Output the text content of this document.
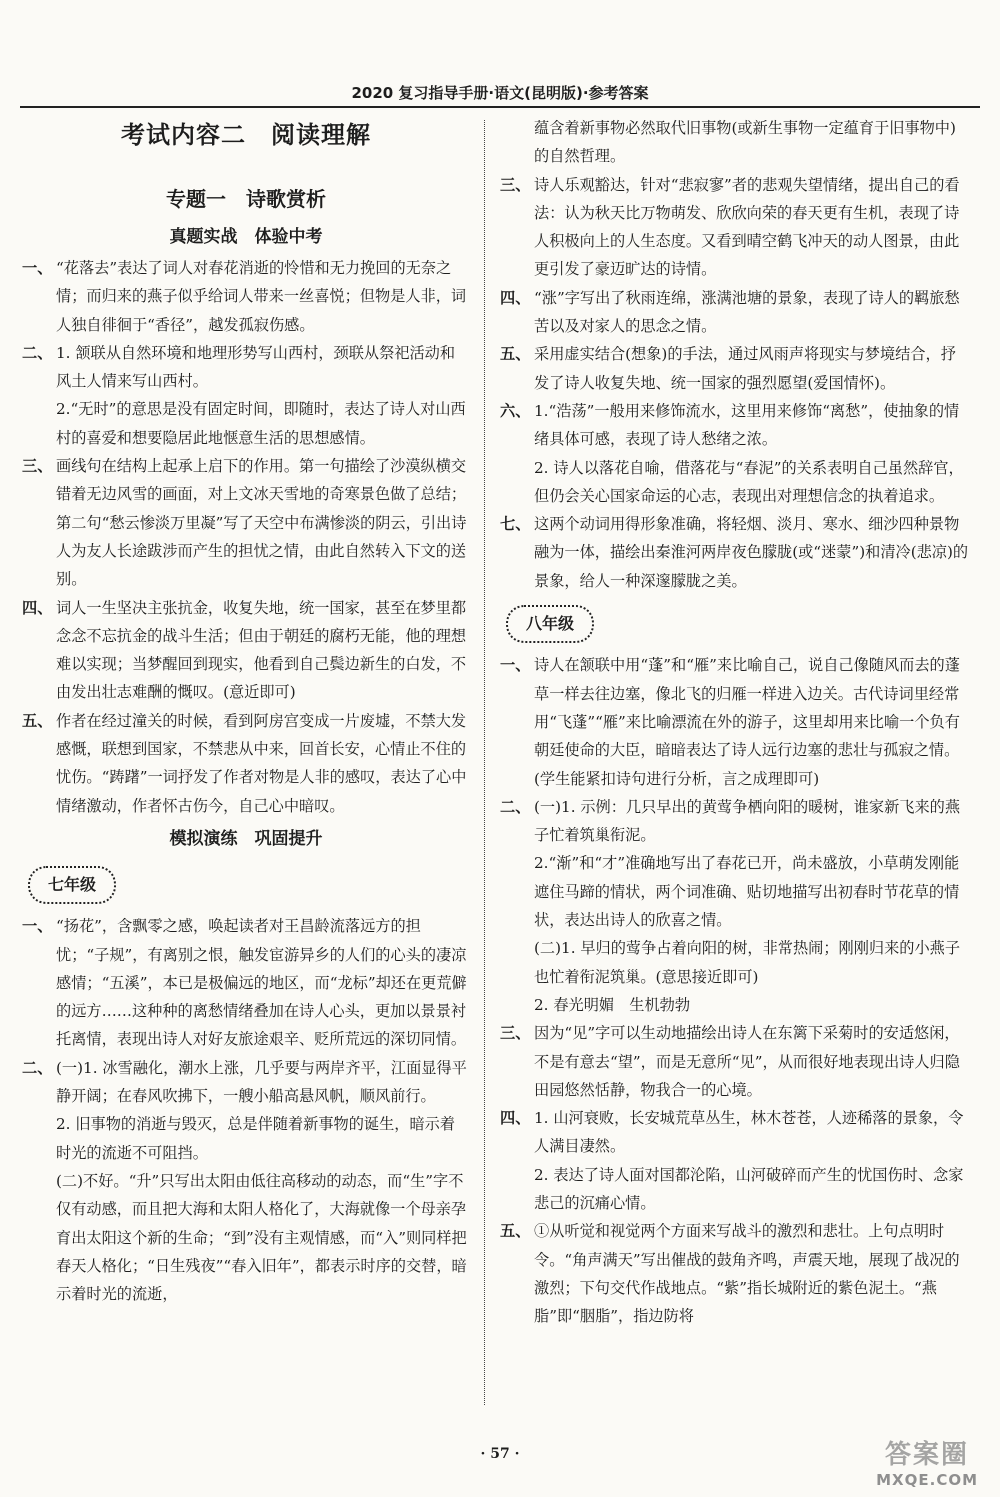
2020 复习指导手册·语文(昆明版)·参考答案
考试内容二　阅读理解
专题一　诗歌赏析
真题实战　体验中考
一、 “花落去”表达了词人对春花消逝的怜惜和无力挽回的无奈之情；而归来的燕子似乎给词人带来一丝喜悦；但物是人非，词人独自徘徊于“香径”，越发孤寂伤感。
二、 1. 颔联从自然环境和地理形势写山西村，颈联从祭祀活动和风土人情来写山西村。
2.“无时”的意思是没有固定时间，即随时，表达了诗人对山西村的喜爱和想要隐居此地惬意生活的思想感情。
三、 画线句在结构上起承上启下的作用。第一句描绘了沙漠纵横交错着无边风雪的画面，对上文冰天雪地的奇寒景色做了总结；第二句“愁云惨淡万里凝”写了天空中布满惨淡的阴云，引出诗人为友人长途跋涉而产生的担忧之情，由此自然转入下文的送别。
四、 词人一生坚决主张抗金，收复失地，统一国家，甚至在梦里都念念不忘抗金的战斗生活；但由于朝廷的腐朽无能，他的理想难以实现；当梦醒回到现实，他看到自己鬓边新生的白发，不由发出壮志难酬的慨叹。(意近即可)
五、 作者在经过潼关的时候，看到阿房宫变成一片废墟，不禁大发感慨，联想到国家，不禁悲从中来，回首长安，心情止不住的忧伤。“踌躇”一词抒发了作者对物是人非的感叹，表达了心中情绪激动，作者怀古伤今，自己心中暗叹。
模拟演练　巩固提升
七年级
一、 “扬花”，含飘零之感，唤起读者对王昌龄流落远方的担忧；“子规”，有离别之恨，触发宦游异乡的人们的心头的凄凉感情；“五溪”，本已是极偏远的地区，而“龙标”却还在更荒僻的远方……这种种的离愁情绪叠加在诗人心头，更加以景景衬托离情，表现出诗人对好友旅途艰辛、贬所荒远的深切同情。
二、 (一)1. 冰雪融化，潮水上涨，几乎要与两岸齐平，江面显得平静开阔；在春风吹拂下，一艘小船高悬风帆，顺风前行。
2. 旧事物的消逝与毁灭，总是伴随着新事物的诞生，暗示着时光的流逝不可阻挡。
(二)不好。“升”只写出太阳由低往高移动的动态，而“生”字不仅有动感，而且把大海和太阳人格化了，大海就像一个母亲孕育出太阳这个新的生命；“到”没有主观情感，而“入”则同样把春天人格化；“日生残夜”“春入旧年”，都表示时序的交替，暗示着时光的流逝，
蕴含着新事物必然取代旧事物(或新生事物一定蕴育于旧事物中)的自然哲理。
三、 诗人乐观豁达，针对“悲寂寥”者的悲观失望情绪，提出自己的看法：认为秋天比万物萌发、欣欣向荣的春天更有生机，表现了诗人积极向上的人生态度。又看到晴空鹤飞冲天的动人图景，由此更引发了豪迈旷达的诗情。
四、 “涨”字写出了秋雨连绵，涨满池塘的景象，表现了诗人的羁旅愁苦以及对家人的思念之情。
五、 采用虚实结合(想象)的手法，通过风雨声将现实与梦境结合，抒发了诗人收复失地、统一国家的强烈愿望(爱国情怀)。
六、 1.“浩荡”一般用来修饰流水，这里用来修饰“离愁”，使抽象的情绪具体可感，表现了诗人愁绪之浓。
2. 诗人以落花自喻，借落花与“春泥”的关系表明自己虽然辞官，但仍会关心国家命运的心志，表现出对理想信念的执着追求。
七、 这两个动词用得形象准确，将轻烟、淡月、寒水、细沙四种景物融为一体，描绘出秦淮河两岸夜色朦胧(或“迷蒙”)和清冷(悲凉)的景象，给人一种深邃朦胧之美。
八年级
一、 诗人在颔联中用“蓬”和“雁”来比喻自己，说自己像随风而去的蓬草一样去往边塞，像北飞的归雁一样进入边关。古代诗词里经常用“飞蓬”“雁”来比喻漂流在外的游子，这里却用来比喻一个负有朝廷使命的大臣，暗暗表达了诗人远行边塞的悲壮与孤寂之情。(学生能紧扣诗句进行分析，言之成理即可)
二、 (一)1. 示例：几只早出的黄莺争栖向阳的暖树，谁家新飞来的燕子忙着筑巢衔泥。
2.“渐”和“才”准确地写出了春花已开，尚未盛放，小草萌发刚能遮住马蹄的情状，两个词准确、贴切地描写出初春时节花草的情状，表达出诗人的欣喜之情。
(二)1. 早归的莺争占着向阳的树，非常热闹；刚刚归来的小燕子也忙着衔泥筑巢。(意思接近即可)
2. 春光明媚　生机勃勃
三、 因为“见”字可以生动地描绘出诗人在东篱下采菊时的安适悠闲，不是有意去“望”，而是无意所“见”，从而很好地表现出诗人归隐田园悠然恬静，物我合一的心境。
四、 1. 山河衰败，长安城荒草丛生，林木苍苍，人迹稀落的景象，令人满目凄然。
2. 表达了诗人面对国都沦陷，山河破碎而产生的忧国伤时、念家悲己的沉痛心情。
五、 ①从听觉和视觉两个方面来写战斗的激烈和悲壮。上句点明时令。“角声满天”写出催战的鼓角齐鸣，声震天地，展现了战况的激烈；下句交代作战地点。“紫”指长城附近的紫色泥土。“燕脂”即“胭脂”，指边防将
· 57 ·	答案圈
MXQE.COM
